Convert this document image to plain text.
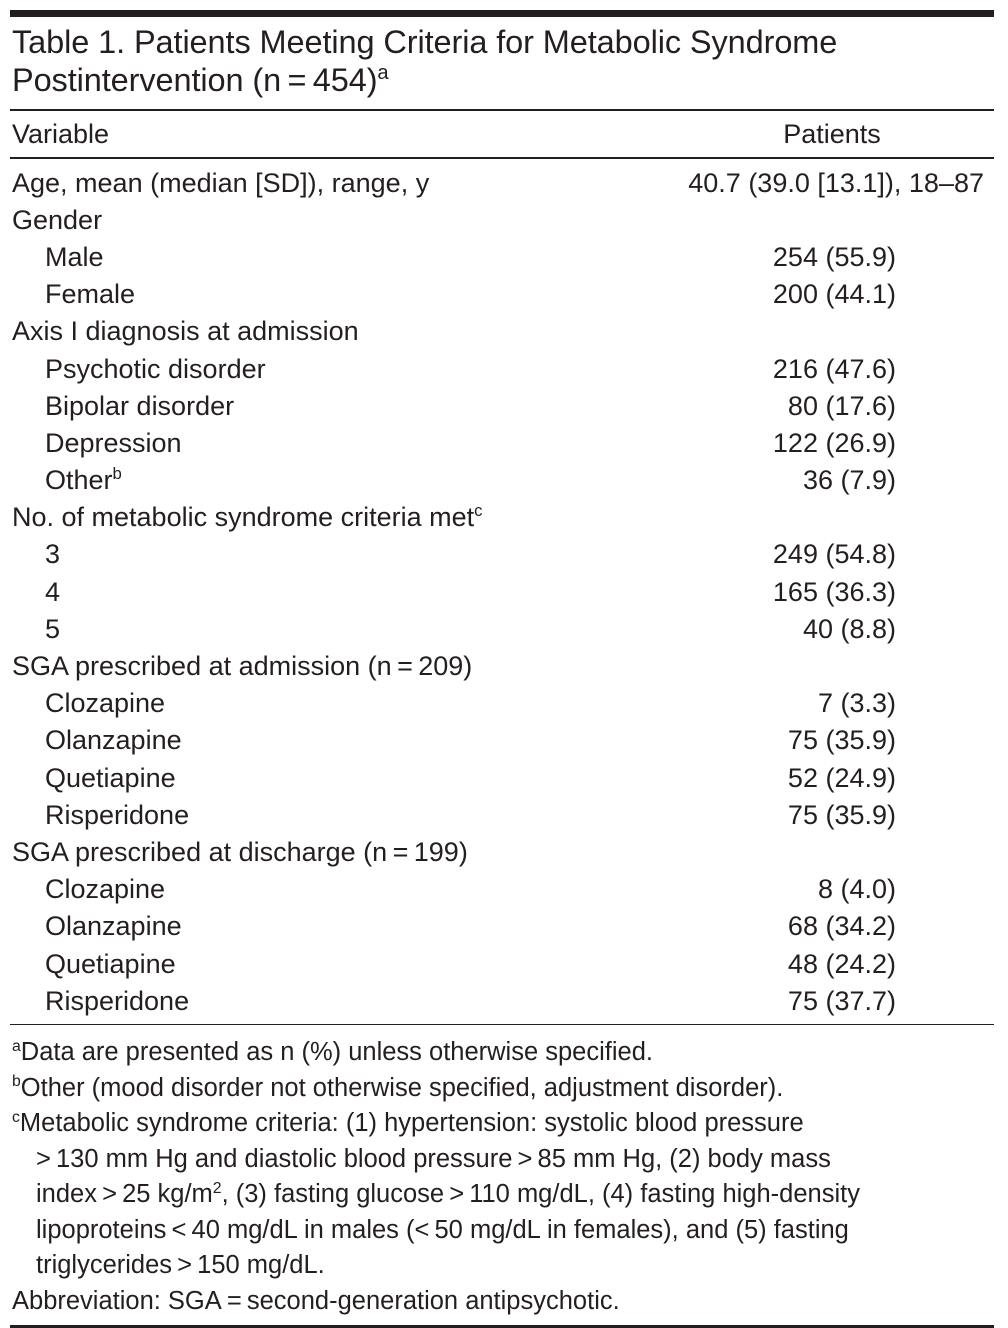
Table 1. Patients Meeting Criteria for Metabolic Syndrome
Postintervention (n = 454)$^a$
Variable	Patients
Age, mean (median [SD]), range, y	40.7 (39.0 [13.1]), 18–87
Gender
Male	254 (55.9)
Female	200 (44.1)
Axis I diagnosis at admission
Psychotic disorder	216 (47.6)
Bipolar disorder	80 (17.6)
Depression	122 (26.9)
Other$^b$	36 (7.9)
No. of metabolic syndrome criteria met$^c$
3	249 (54.8)
4	165 (36.3)
5	40 (8.8)
SGA prescribed at admission (n = 209)
Clozapine	7 (3.3)
Olanzapine	75 (35.9)
Quetiapine	52 (24.9)
Risperidone	75 (35.9)
SGA prescribed at discharge (n = 199)
Clozapine	8 (4.0)
Olanzapine	68 (34.2)
Quetiapine	48 (24.2)
Risperidone	75 (37.7)
$^a$Data are presented as n (%) unless otherwise specified.
$^b$Other (mood disorder not otherwise specified, adjustment disorder).
$^c$Metabolic syndrome criteria: (1) hypertension: systolic blood pressure
> 130 mm Hg and diastolic blood pressure > 85 mm Hg, (2) body mass
index > 25 $kg/m^2$, (3) fasting glucose > 110 mg/dL, (4) fasting high-density
lipoproteins < 40 mg/dL in males (< 50 mg/dL in females), and (5) fasting
triglycerides > 150 mg/dL.
Abbreviation: SGA = second-generation antipsychotic.
